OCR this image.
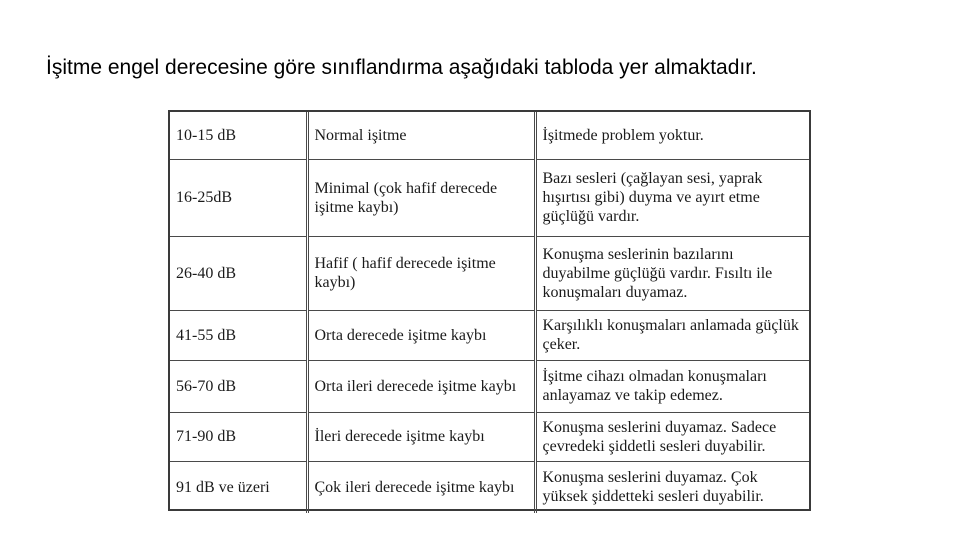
İşitme engel derecesine göre sınıflandırma aşağıdaki tabloda yer almaktadır.

10-15 dB	Normal işitme	İşitmede problem yoktur.
16-25dB	Minimal (çok hafif derecede işitme kaybı)	Bazı sesleri (çağlayan sesi, yaprak hışırtısı gibi) duyma ve ayırt etme güçlüğü vardır.
26-40 dB	Hafif ( hafif derecede işitme kaybı)	Konuşma seslerinin bazılarını duyabilme güçlüğü vardır. Fısıltı ile konuşmaları duyamaz.
41-55 dB	Orta derecede işitme kaybı	Karşılıklı konuşmaları anlamada güçlük çeker.
56-70 dB	Orta ileri derecede işitme kaybı	İşitme cihazı olmadan konuşmaları anlayamaz ve takip edemez.
71-90 dB	İleri derecede işitme kaybı	Konuşma seslerini duyamaz. Sadece çevredeki şiddetli sesleri duyabilir.
91 dB ve üzeri	Çok ileri derecede işitme kaybı	Konuşma seslerini duyamaz. Çok yüksek şiddetteki sesleri duyabilir.
